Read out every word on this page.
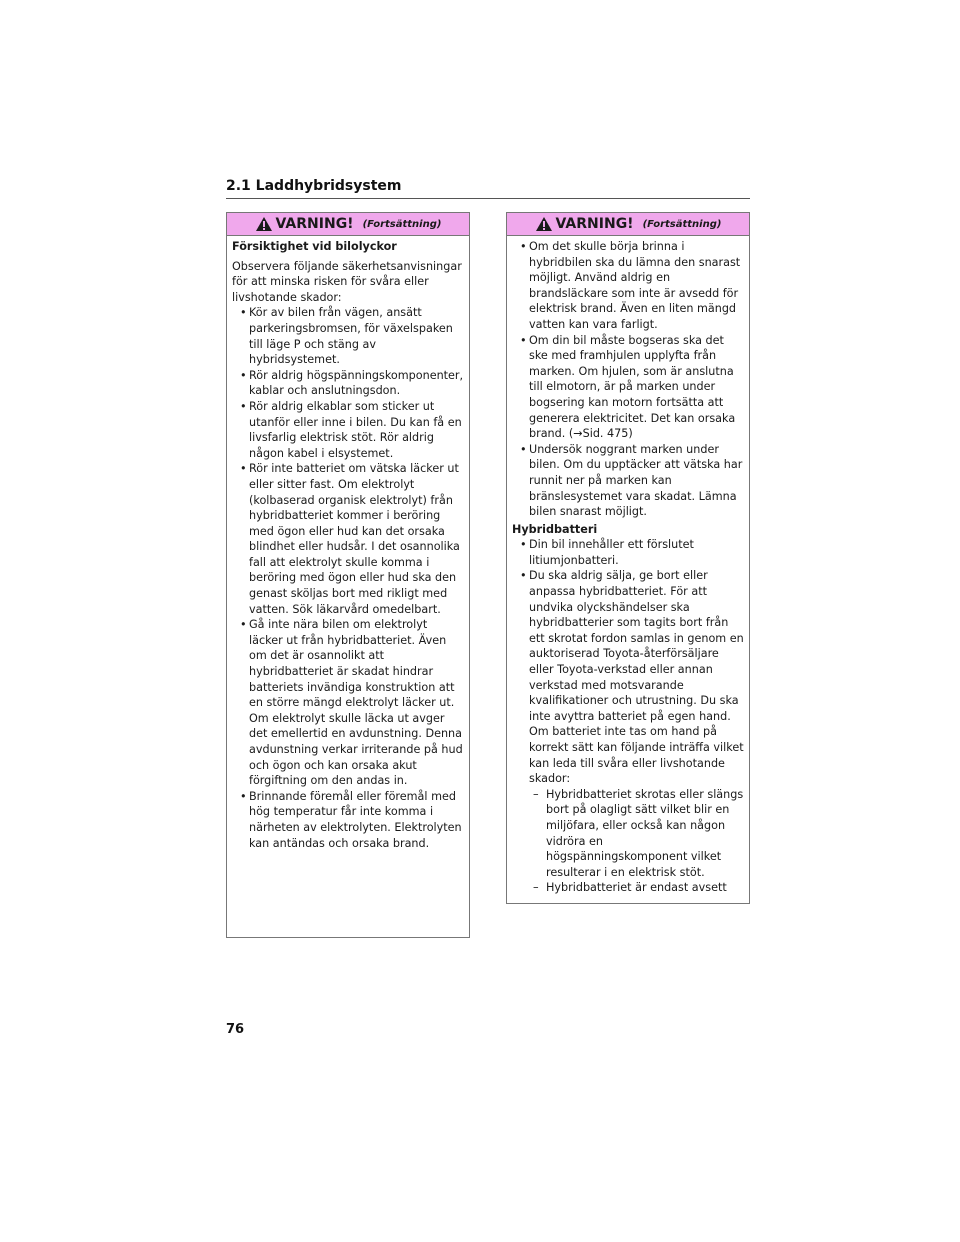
2.1 Laddhybridsystem
VARNING! (Fortsättning)

Försiktighet vid bilolyckor

Observera följande säkerhetsanvisningar för att minska risken för svåra eller livshotande skador:

• Kör av bilen från vägen, ansätt parkeringsbromsen, för växelspaken till läge P och stäng av hybridsystemet.
• Rör aldrig högspänningskomponenter, kablar och anslutningsdon.
• Rör aldrig elkablar som sticker ut utanför eller inne i bilen. Du kan få en livsfarlig elektrisk stöt. Rör aldrig någon kabel i elsystemet.
• Rör inte batteriet om vätska läcker ut eller sitter fast. Om elektrolyt (kolbaserad organisk elektrolyt) från hybridbatteriet kommer i beröring med ögon eller hud kan det orsaka blindhet eller hudsår. I det osannolika fall att elektrolyt skulle komma i beröring med ögon eller hud ska den genast sköljas bort med rikligt med vatten. Sök läkarvård omedelbart.
• Gå inte nära bilen om elektrolyt läcker ut från hybridbatteriet. Även om det är osannolikt att hybridbatteriet är skadat hindrar batteriets invändiga konstruktion att en större mängd elektrolyt läcker ut. Om elektrolyt skulle läcka ut avger det emellertid en avdunstning. Denna avdunstning verkar irriterande på hud och ögon och kan orsaka akut förgiftning om den andas in.
• Brinnande föremål eller föremål med hög temperatur får inte komma i närheten av elektrolyten. Elektrolyten kan antändas och orsaka brand.
VARNING! (Fortsättning)
• Om det skulle börja brinna i hybridbilen ska du lämna den snarast möjligt. Använd aldrig en brandsläckare som inte är avsedd för elektrisk brand. Även en liten mängd vatten kan vara farligt.
• Om din bil måste bogseras ska det ske med framhjulen upplyfta från marken. Om hjulen, som är anslutna till elmotorn, är på marken under bogsering kan motorn fortsätta att generera elektricitet. Det kan orsaka brand. (→Sid. 475)
• Undersök noggrant marken under bilen. Om du upptäcker att vätska har runnit ner på marken kan bränslesystemet vara skadat. Lämna bilen snarast möjligt.

Hybridbatteri

• Din bil innehåller ett förslutet litiumjonbatteri.
• Du ska aldrig sälja, ge bort eller anpassa hybridbatteriet. För att undvika olyckshändelser ska hybridbatterier som tagits bort från ett skrotat fordon samlas in genom en auktoriserad Toyota-återförsäljare eller Toyota-verkstad eller annan verkstad med motsvarande kvalifikationer och utrustning. Du ska inte avyttra batteriet på egen hand. Om batteriet inte tas om hand på korrekt sätt kan följande inträffa vilket kan leda till svåra eller livshotande skador:
– Hybridbatteriet skrotas eller slängs bort på olagligt sätt vilket blir en miljöfara, eller också kan någon vidröra en högspänningskomponent vilket resulterar i en elektrisk stöt.
– Hybridbatteriet är endast avsett
76
